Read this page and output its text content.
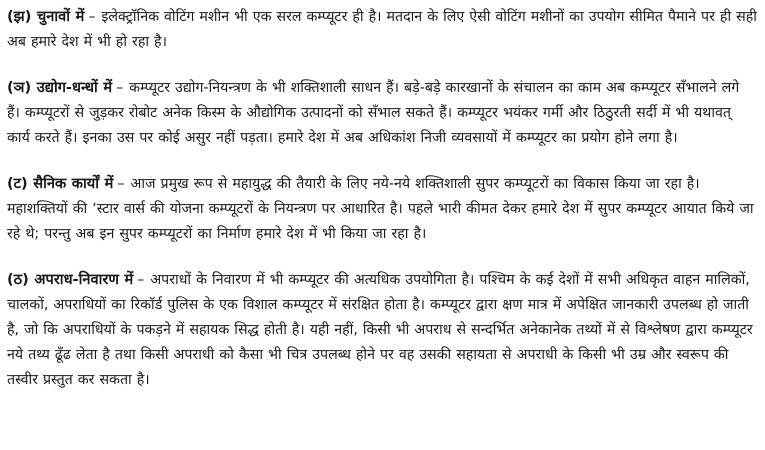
(झ) चुनावों में – इलेक्ट्रॉनिक वोटिंग मशीन भी एक सरल कम्प्यूटर ही है। मतदान के लिए ऐसी वोटिंग मशीनों का उपयोग सीमित पैमाने पर ही सही अब हमारे देश में भी हो रहा है।

(ञ) उद्योग-धन्धों में – कम्प्यूटर उद्योग-नियन्त्रण के भी शक्तिशाली साधन हैं। बड़े-बड़े कारखानों के संचालन का काम अब कम्प्यूटर सँभालने लगे हैं। कम्प्यूटरों से जुड़कर रोबोट अनेक किस्म के औद्योगिक उत्पादनों को सँभाल सकते हैं। कम्प्यूटर भयंकर गर्मी और ठिठुरती सर्दी में भी यथावत् कार्य करते हैं। इनका उस पर कोई असुर नहीं पड़ता। हमारे देश में अब अधिकांश निजी व्यवसायों में कम्प्यूटर का प्रयोग होने लगा है।

(ट) सैनिक कार्यों में – आज प्रमुख रूप से महायुद्ध की तैयारी के लिए नये-नये शक्तिशाली सुपर कम्प्यूटरों का विकास किया जा रहा है। महाशक्तियों की ‘स्टार वार्स की योजना कम्प्यूटरों के नियन्त्रण पर आधारित है। पहले भारी कीमत देकर हमारे देश में सुपर कम्प्यूटर आयात किये जा रहे थे; परन्तु अब इन सुपर कम्प्यूटरों का निर्माण हमारे देश में भी किया जा रहा है।

(ठ) अपराध-निवारण में – अपराधों के निवारण में भी कम्प्यूटर की अत्यधिक उपयोगिता है। पश्चिम के कई देशों में सभी अधिकृत वाहन मालिकों, चालकों, अपराधियों का रिकॉर्ड पुलिस के एक विशाल कम्प्यूटर में संरक्षित होता है। कम्प्यूटर द्वारा क्षण मात्र में अपेक्षित जानकारी उपलब्ध हो जाती है, जो कि अपराधियों के पकड़ने में सहायक सिद्ध होती है। यही नहीं, किसी भी अपराध से सन्दर्भित अनेकानेक तथ्यों में से विश्लेषण द्वारा कम्प्यूटर नये तथ्य ढूँढ लेता है तथा किसी अपराधी को कैसा भी चित्र उपलब्ध होने पर वह उसकी सहायता से अपराधी के किसी भी उम्र और स्वरूप की तस्वीर प्रस्तुत कर सकता है।
